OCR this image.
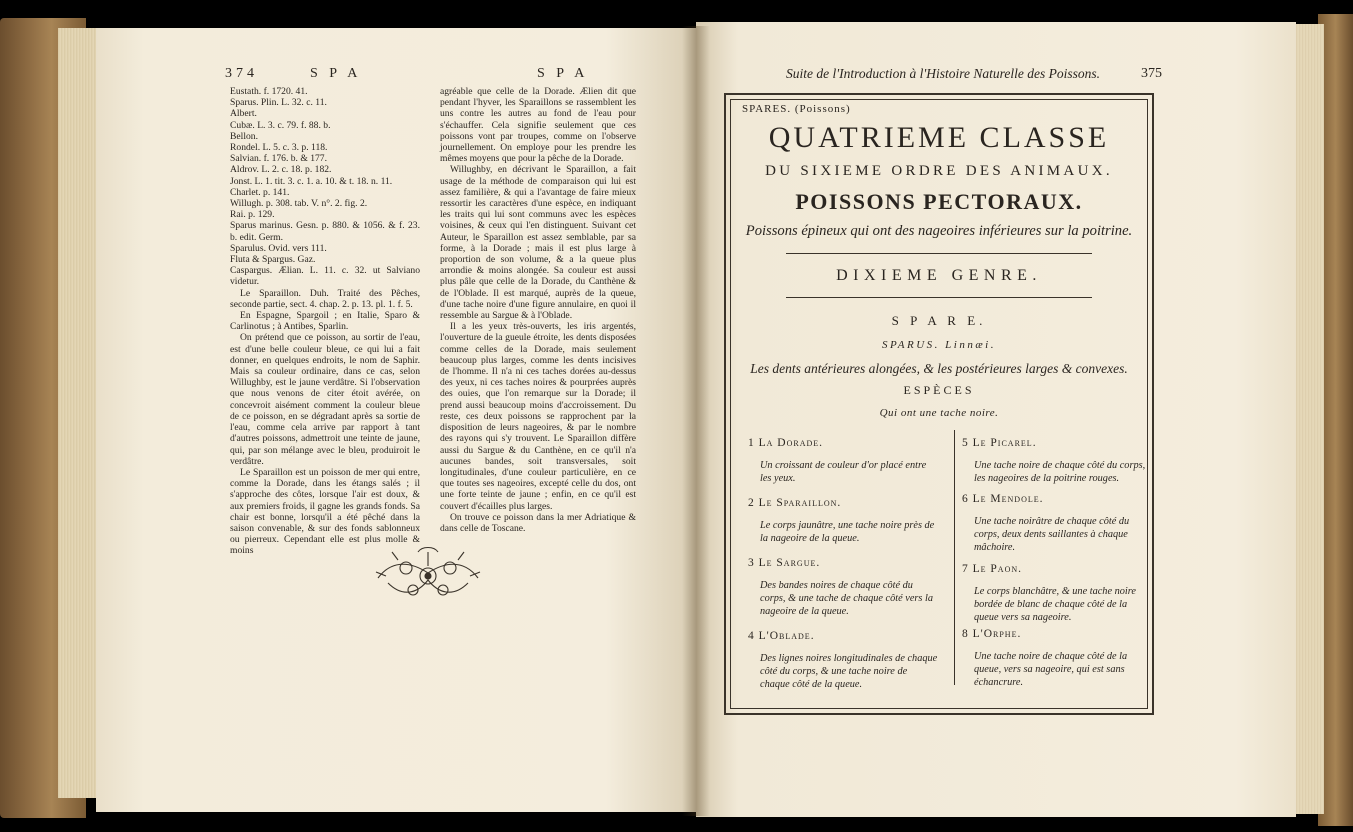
374	S P A	S P A

Eustath. f. 1720. 41.

Sparus. Plin. L. 32. c. 11.

Albert.

Cubæ. L. 3. c. 79. f. 88. b.

Bellon.

Rondel. L. 5. c. 3. p. 118.

Salvian. f. 176. b. & 177.

Aldrov. L. 2. c. 18. p. 182.

Jonst. L. 1. tit. 3. c. 1. a. 10. & t. 18. n. 11.

Charlet. p. 141.

Willugh. p. 308. tab. V. n°. 2. fig. 2.

Rai. p. 129.

Sparus marinus. Gesn. p. 880. & 1056. & f. 23. b. edit. Germ.

Sparulus. Ovid. vers 111.

Fluta & Spargus. Gaz.

Caspargus. Ælian. L. 11. c. 32. ut Salviano videtur.

Le Sparaillon. Duh. Traité des Pêches, seconde partie, sect. 4. chap. 2. p. 13. pl. 1. f. 5.

En Espagne, Spargoil ; en Italie, Sparo & Carlinotus ; à Antibes, Sparlin.

On prétend que ce poisson, au sortir de l'eau, est d'une belle couleur bleue, ce qui lui a fait donner, en quelques endroits, le nom de Saphir. Mais sa couleur ordinaire, dans ce cas, selon Willughby, est le jaune verdâtre. Si l'observation que nous venons de citer étoit avérée, on concevroit aisément comment la couleur bleue de ce poisson, en se dégradant après sa sortie de l'eau, comme cela arrive par rapport à tant d'autres poissons, admettroit une teinte de jaune, qui, par son mélange avec le bleu, produiroit le verdâtre.

Le Sparaillon est un poisson de mer qui entre, comme la Dorade, dans les étangs salés ; il s'approche des côtes, lorsque l'air est doux, & aux premiers froids, il gagne les grands fonds. Sa chair est bonne, lorsqu'il a été pêché dans la saison convenable, & sur des fonds sablonneux ou pierreux. Cependant elle est plus molle & moins

agréable que celle de la Dorade. Ælien dit que pendant l'hyver, les Sparaillons se rassemblent les uns contre les autres au fond de l'eau pour s'échauffer. Cela signifie seulement que ces poissons vont par troupes, comme on l'observe journellement. On employe pour les prendre les mêmes moyens que pour la pêche de la Dorade.

Willughby, en décrivant le Sparaillon, a fait usage de la méthode de comparaison qui lui est assez familière, & qui a l'avantage de faire mieux ressortir les caractères d'une espèce, en indiquant les traits qui lui sont communs avec les espèces voisines, & ceux qui l'en distinguent. Suivant cet Auteur, le Sparaillon est assez semblable, par sa forme, à la Dorade ; mais il est plus large à proportion de son volume, & a la queue plus arrondie & moins alongée. Sa couleur est aussi plus pâle que celle de la Dorade, du Canthène & de l'Oblade. Il est marqué, auprès de la queue, d'une tache noire d'une figure annulaire, en quoi il ressemble au Sargue & à l'Oblade.

Il a les yeux très-ouverts, les iris argentés, l'ouverture de la gueule étroite, les dents disposées comme celles de la Dorade, mais seulement beaucoup plus larges, comme les dents incisives de l'homme. Il n'a ni ces taches dorées au-dessus des yeux, ni ces taches noires & pourprées auprès des ouies, que l'on remarque sur la Dorade; il prend aussi beaucoup moins d'accroissement. Du reste, ces deux poissons se rapprochent par la disposition de leurs nageoires, & par le nombre des rayons qui s'y trouvent. Le Sparaillon diffère aussi du Sargue & du Canthène, en ce qu'il n'a aucunes bandes, soit transversales, soit longitudinales, d'une couleur particulière, en ce que toutes ses nageoires, excepté celle du dos, ont une forte teinte de jaune ; enfin, en ce qu'il est couvert d'écailles plus larges.

On trouve ce poisson dans la mer Adriatique & dans celle de Toscane.

Suite de l'Introduction à l'Histoire Naturelle des Poissons.	375
SPARES. (Poissons)
QUATRIEME CLASSE
DU SIXIEME ORDRE DES ANIMAUX.
POISSONS PECTORAUX.
Poissons épineux qui ont des nageoires inférieures sur la poitrine.
DIXIEME GENRE.
S P A R E.
SPARUS. Linnæi.
Les dents antérieures alongées, & les postérieures larges & convexes.
ESPÈCES
Qui ont une tache noire.
1 La Dorade.
Un croissant de couleur d'or placé entre les yeux.
2 Le Sparaillon.
Le corps jaunâtre, une tache noire près de la nageoire de la queue.
3 Le Sargue.
Des bandes noires de chaque côté du corps, & une tache de chaque côté vers la nageoire de la queue.
4 L'Oblade.
Des lignes noires longitudinales de chaque côté du corps, & une tache noire de chaque côté de la queue.
5 Le Picarel.
Une tache noire de chaque côté du corps, les nageoires de la poitrine rouges.
6 Le Mendole.
Une tache noirâtre de chaque côté du corps, deux dents saillantes à chaque mâchoire.
7 Le Paon.
Le corps blanchâtre, & une tache noire bordée de blanc de chaque côté de la queue vers sa nageoire.
8 L'Orphe.
Une tache noire de chaque côté de la queue, vers sa nageoire, qui est sans échancrure.
